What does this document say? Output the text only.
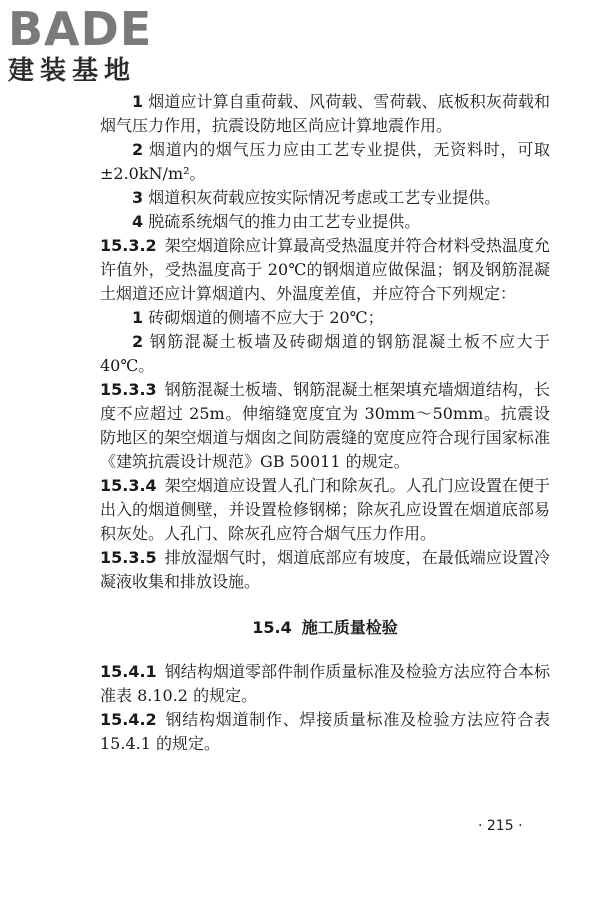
BADE
建装基地

1 烟道应计算自重荷载、风荷载、雪荷载、底板积灰荷载和烟气压力作用，抗震设防地区尚应计算地震作用。

2 烟道内的烟气压力应由工艺专业提供，无资料时，可取±2.0kN/m²。

3 烟道积灰荷载应按实际情况考虑或工艺专业提供。

4 脱硫系统烟气的推力由工艺专业提供。

15.3.2 架空烟道除应计算最高受热温度并符合材料受热温度允许值外，受热温度高于 20℃的钢烟道应做保温；钢及钢筋混凝土烟道还应计算烟道内、外温度差值，并应符合下列规定：

1 砖砌烟道的侧墙不应大于 20℃；

2 钢筋混凝土板墙及砖砌烟道的钢筋混凝土板不应大于 40℃。

15.3.3 钢筋混凝土板墙、钢筋混凝土框架填充墙烟道结构，长度不应超过 25m。伸缩缝宽度宜为 30mm～50mm。抗震设防地区的架空烟道与烟囱之间防震缝的宽度应符合现行国家标准《建筑抗震设计规范》GB 50011 的规定。

15.3.4 架空烟道应设置人孔门和除灰孔。人孔门应设置在便于出入的烟道侧壁，并设置检修钢梯；除灰孔应设置在烟道底部易积灰处。人孔门、除灰孔应符合烟气压力作用。

15.3.5 排放湿烟气时，烟道底部应有坡度，在最低端应设置冷凝液收集和排放设施。

15.4 施工质量检验

15.4.1 钢结构烟道零部件制作质量标准及检验方法应符合本标准表 8.10.2 的规定。

15.4.2 钢结构烟道制作、焊接质量标准及检验方法应符合表 15.4.1 的规定。

· 215 ·
